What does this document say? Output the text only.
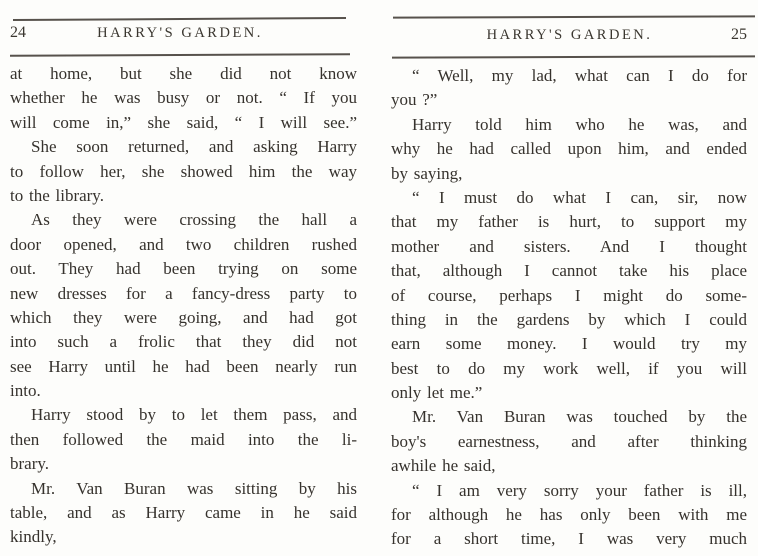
24	HARRY'S GARDEN.
at home, but she did not know
whether he was busy or not. “ If you
will come in,” she said, “ I will see.”
She soon returned, and asking Harry
to follow her, she showed him the way
to the library.
As they were crossing the hall a
door opened, and two children rushed
out. They had been trying on some
new dresses for a fancy-dress party to
which they were going, and had got
into such a frolic that they did not
see Harry until he had been nearly run
into.
Harry stood by to let them pass, and
then followed the maid into the li-
brary.
Mr. Van Buran was sitting by his
table, and as Harry came in he said
kindly,
HARRY'S GARDEN.	25
“ Well, my lad, what can I do for
you ?”
Harry told him who he was, and
why he had called upon him, and ended
by saying,
“ I must do what I can, sir, now
that my father is hurt, to support my
mother and sisters. And I thought
that, although I cannot take his place
of course, perhaps I might do some-
thing in the gardens by which I could
earn some money. I would try my
best to do my work well, if you will
only let me.”
Mr. Van Buran was touched by the
boy's earnestness, and after thinking
awhile he said,
“ I am very sorry your father is ill,
for although he has only been with me
for a short time, I was very much
